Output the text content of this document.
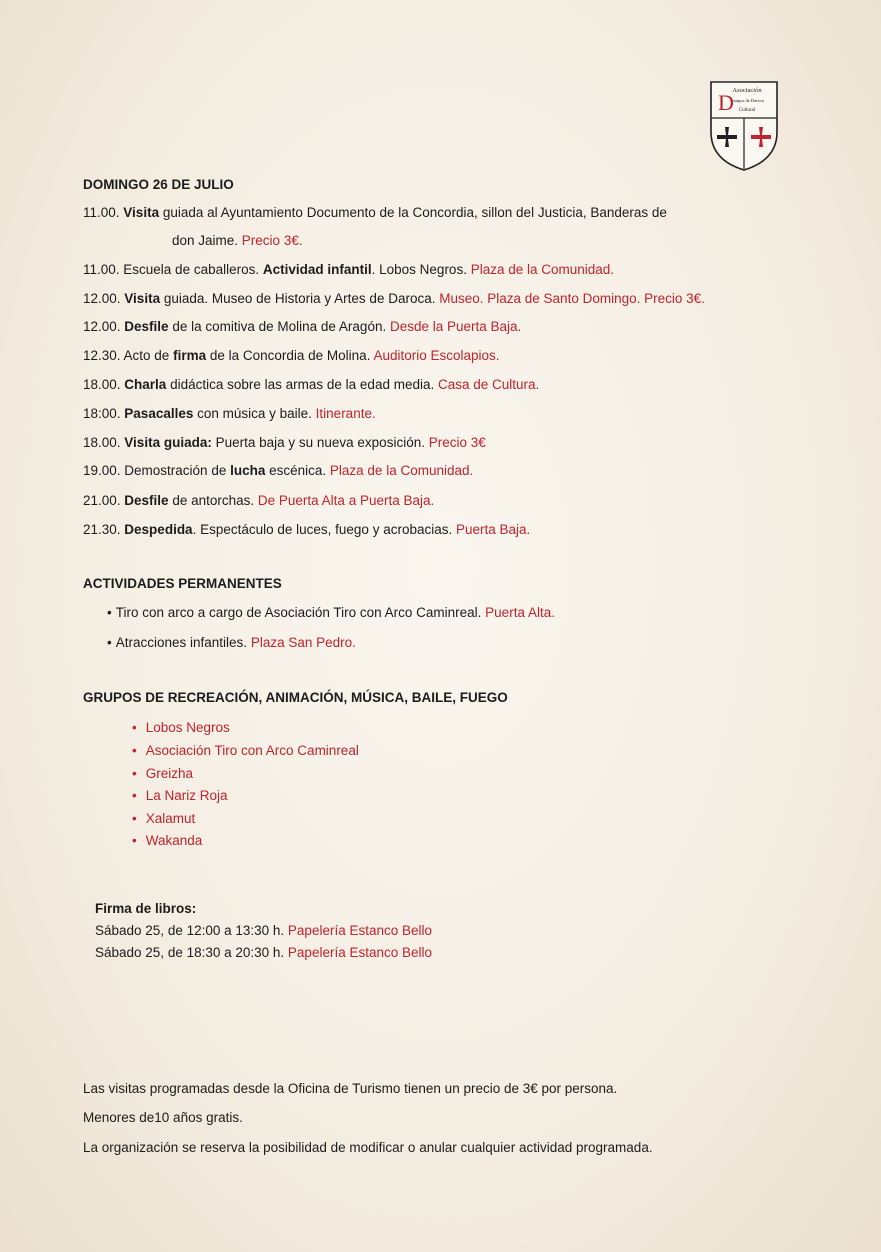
Asociación
Amigos de Daroca
Cultural
D
DOMINGO 26 DE JULIO
11.00. Visita guiada al Ayuntamiento Documento de la Concordia, sillon del Justicia, Banderas de
don Jaime. Precio 3€.
11.00. Escuela de caballeros. Actividad infantil. Lobos Negros. Plaza de la Comunidad.
12.00. Visita guiada. Museo de Historia y Artes de Daroca. Museo. Plaza de Santo Domingo. Precio 3€.
12.00. Desfile de la comitiva de Molina de Aragón. Desde la Puerta Baja.
12.30. Acto de firma de la Concordia de Molina. Auditorio Escolapios.
18.00. Charla didáctica sobre las armas de la edad media. Casa de Cultura.
18:00. Pasacalles con música y baile. Itinerante.
18.00. Visita guiada: Puerta baja y su nueva exposición. Precio 3€
19.00. Demostración de lucha escénica. Plaza de la Comunidad.
21.00. Desfile de antorchas. De Puerta Alta a Puerta Baja.
21.30. Despedida. Espectáculo de luces, fuego y acrobacias. Puerta Baja.
ACTIVIDADES PERMANENTES
• Tiro con arco a cargo de Asociación Tiro con Arco Caminreal. Puerta Alta.
• Atracciones infantiles. Plaza San Pedro.
GRUPOS DE RECREACIÓN, ANIMACIÓN, MÚSICA, BAILE, FUEGO
• Lobos Negros
• Asociación Tiro con Arco Caminreal
• Greizha
• La Nariz Roja
• Xalamut
• Wakanda
Firma de libros:
Sábado 25, de 12:00 a 13:30 h. Papelería Estanco Bello
Sábado 25, de 18:30 a 20:30 h. Papelería Estanco Bello
Las visitas programadas desde la Oficina de Turismo tienen un precio de 3€ por persona.
Menores de10 años gratis.
La organización se reserva la posibilidad de modificar o anular cualquier actividad programada.
